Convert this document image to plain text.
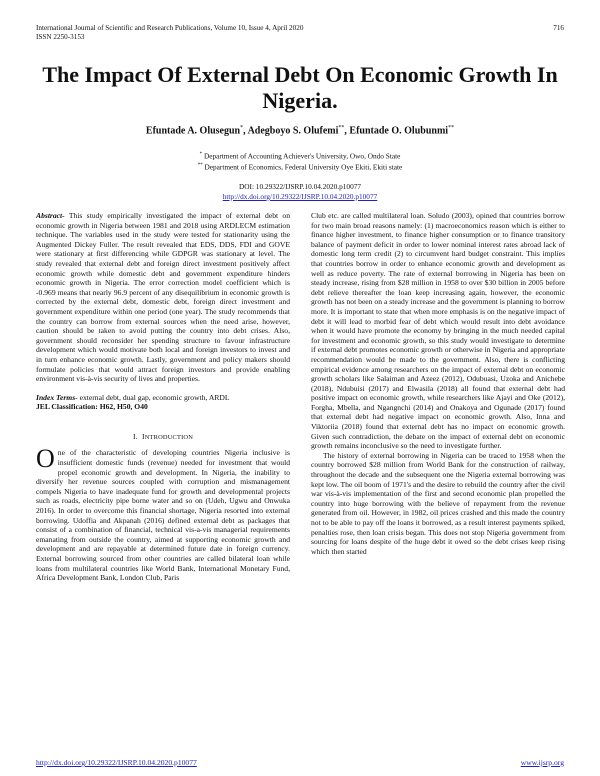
International Journal of Scientific and Research Publications, Volume 10, Issue 4, April 2020
ISSN 2250-3153
716
The Impact Of External Debt On Economic Growth In Nigeria.
Efuntade A. Olusegun*, Adegboyo S. Olufemi**, Efuntade O. Olubunmi**
* Department of Accounting Achiever's University, Owo, Ondo State
** Department of Economics, Federal University Oye Ekiti, Ekiti state
DOI: 10.29322/IJSRP.10.04.2020.p10077
http://dx.doi.org/10.29322/IJSRP.10.04.2020.p10077

Abstract- This study empirically investigated the impact of external debt on economic growth in Nigeria between 1981 and 2018 using ARDLECM estimation technique. The variables used in the study were tested for stationarity using the Augmented Dickey Fuller. The result revealed that EDS, DDS, FDI and GOVE were stationary at first differencing while GDPGR was stationary at level. The study revealed that external debt and foreign direct investment positively affect economic growth while domestic debt and government expenditure hinders economic growth in Nigeria. The error correction model coefficient which is -0.969 means that nearly 96.9 percent of any disequilibrium in economic growth is corrected by the external debt, domestic debt, foreign direct investment and government expenditure within one period (one year). The study recommends that the country can borrow from external sources when the need arise, however, caution should be taken to avoid putting the country into debt crises. Also, government should reconsider her spending structure to favour infrastructure development which would motivate both local and foreign investors to invest and in turn enhance economic growth. Lastly, government and policy makers should formulate policies that would attract foreign investors and provide enabling environment vis-à-vis security of lives and properties.

Index Terms- external debt, dual gap, economic growth, ARDL

JEL Classification: H62, H50, O40

I. INTRODUCTION

One of the characteristic of developing countries Nigeria inclusive is insufficient domestic funds (revenue) needed for investment that would propel economic growth and development. In Nigeria, the inability to diversify her revenue sources coupled with corruption and mismanagement compels Nigeria to have inadequate fund for growth and developmental projects such as roads, electricity pipe borne water and so on (Udeh, Ugwu and Onwuka 2016). In order to overcome this financial shortage, Nigeria resorted into external borrowing. Udoffia and Akpanah (2016) defined external debt as packages that consist of a combination of financial, technical vis-a-vis managerial requirements emanating from outside the country, aimed at supporting economic growth and development and are repayable at determined future date in foreign currency. External borrowing sourced from other countries are called bilateral loan while loans from multilateral countries like World Bank, International Monetary Fund, Africa Development Bank, London Club, Paris

Club etc. are called multilateral loan. Soludo (2003), opined that countries borrow for two main broad reasons namely: (1) macroeconomics reason which is either to finance higher investment, to finance higher consumption or to finance transitory balance of payment deficit in order to lower nominal interest rates abroad lack of domestic long term credit (2) to circumvent hard budget constraint. This implies that countries borrow in order to enhance economic growth and development as well as reduce poverty. The rate of external borrowing in Nigeria has been on steady increase, rising from $28 million in 1958 to over $30 billion in 2005 before debt relieve thereafter the loan keep increasing again, however, the economic growth has not been on a steady increase and the government is planning to borrow more. It is important to state that when more emphasis is on the negative impact of debt it will lead to morbid fear of debt which would result into debt avoidance when it would have promote the economy by bringing in the much needed capital for investment and economic growth, so this study would investigate to determine if external debt promotes economic growth or otherwise in Nigeria and appropriate recommendation would be made to the government. Also, there is conflicting empirical evidence among researchers on the impact of external debt on economic growth scholars like Salaiman and Azeez (2012), Odubuasi, Uzoka and Anichebe (2018), Ndubuisi (2017) and Elwasila (2018) all found that external debt had positive impact on economic growth, while researchers like Ajayi and Oke (2012), Forgha, Mbella, and Ngangnchi (2014) and Onakoya and Ogunade (2017) found that external debt had negative impact on economic growth. Also, Inna and Viktoriia (2018) found that external debt has no impact on economic growth. Given such contradiction, the debate on the impact of external debt on economic growth remains inconclusive so the need to investigate further.

The history of external borrowing in Nigeria can be traced to 1958 when the country borrowed $28 million from World Bank for the construction of railway, throughout the decade and the subsequent one the Nigeria external borrowing was kept low. The oil boom of 1971's and the desire to rebuild the country after the civil war vis-à-vis implementation of the first and second economic plan propelled the country into huge borrowing with the believe of repayment from the revenue generated from oil. However, in 1982, oil prices crashed and this made the country not to be able to pay off the loans it borrowed, as a result interest payments spiked, penalties rose, then loan crisis began. This does not stop Nigeria government from sourcing for loans despite of the huge debt it owed so the debt crises keep rising which then started

http://dx.doi.org/10.29322/IJSRP.10.04.2020.p10077	www.ijsrp.org
